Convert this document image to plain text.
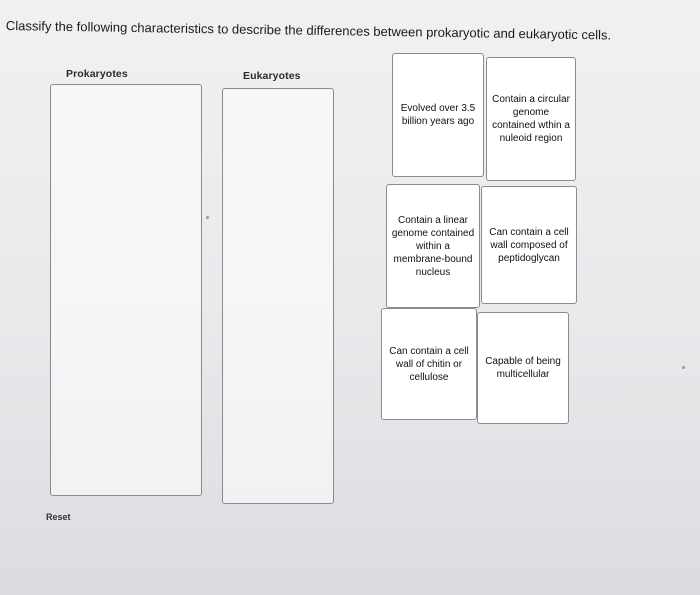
Classify the following characteristics to describe the differences between prokaryotic and eukaryotic cells.
Prokaryotes	Eukaryotes
Evolved over 3.5 billion years ago
Contain a circular genome contained wthin a nuleoid region
Contain a linear genome contained within a membrane-bound nucleus
Can contain a cell wall composed of peptidoglycan
Can contain a cell wall of chitin or cellulose
Capable of being multicellular
Reset
